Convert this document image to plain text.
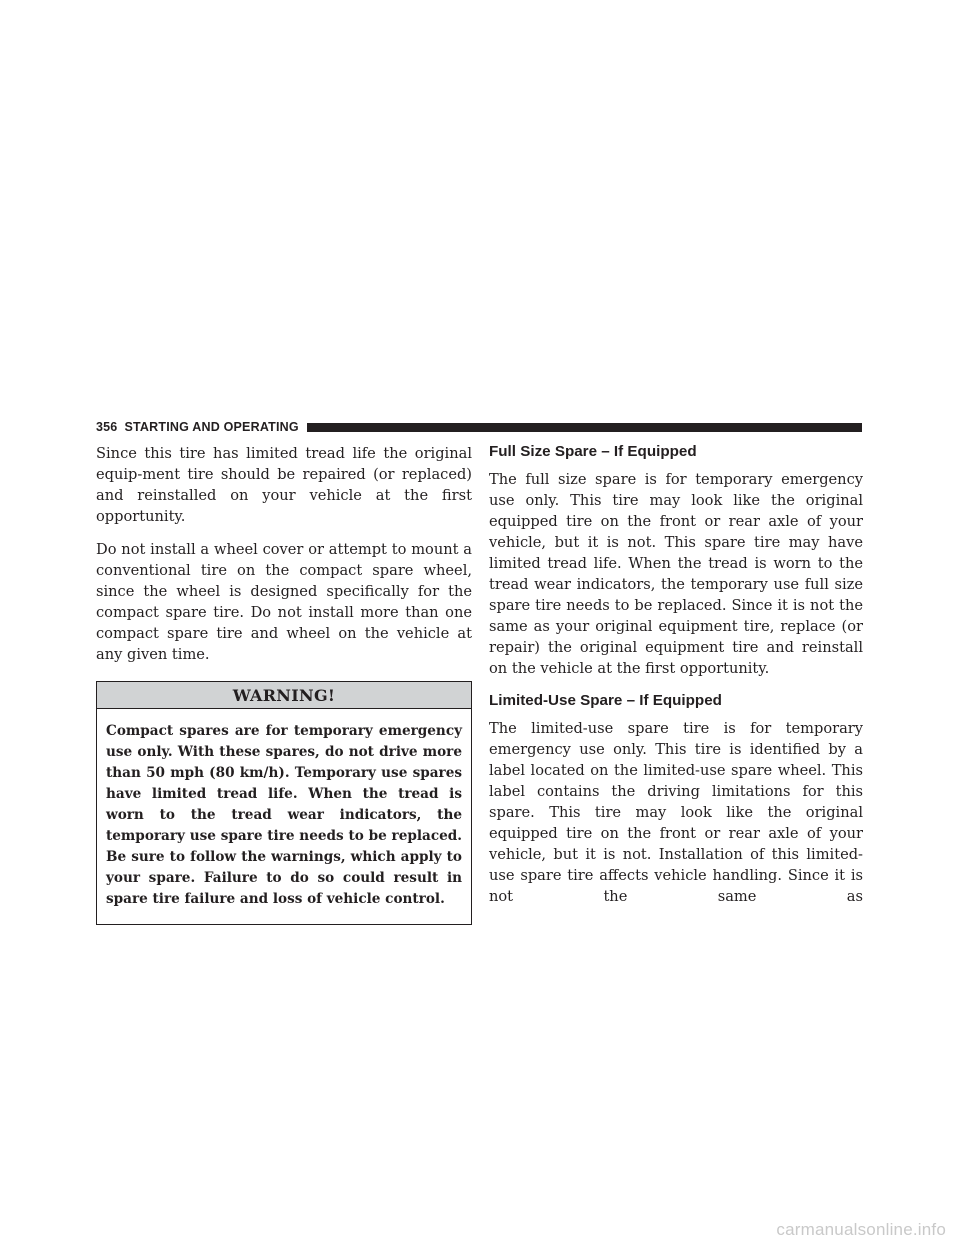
356 STARTING AND OPERATING

Since this tire has limited tread life the original equip-ment tire should be repaired (or replaced) and reinstalled on your vehicle at the first opportunity.

Do not install a wheel cover or attempt to mount a conventional tire on the compact spare wheel, since the wheel is designed specifically for the compact spare tire. Do not install more than one compact spare tire and wheel on the vehicle at any given time.

WARNING!
Compact spares are for temporary emergency use only. With these spares, do not drive more than 50 mph (80 km/h). Temporary use spares have limited tread life. When the tread is worn to the tread wear indicators, the temporary use spare tire needs to be replaced. Be sure to follow the warnings, which apply to your spare. Failure to do so could result in spare tire failure and loss of vehicle control.
Full Size Spare – If Equipped

The full size spare is for temporary emergency use only. This tire may look like the original equipped tire on the front or rear axle of your vehicle, but it is not. This spare tire may have limited tread life. When the tread is worn to the tread wear indicators, the temporary use full size spare tire needs to be replaced. Since it is not the same as your original equipment tire, replace (or repair) the original equipment tire and reinstall on the vehicle at the first opportunity.

Limited-Use Spare – If Equipped

The limited-use spare tire is for temporary emergency use only. This tire is identified by a label located on the limited-use spare wheel. This label contains the driving limitations for this spare. This tire may look like the original equipped tire on the front or rear axle of your vehicle, but it is not. Installation of this limited-use spare tire affects vehicle handling. Since it is not the same as

carmanualsonline.info
